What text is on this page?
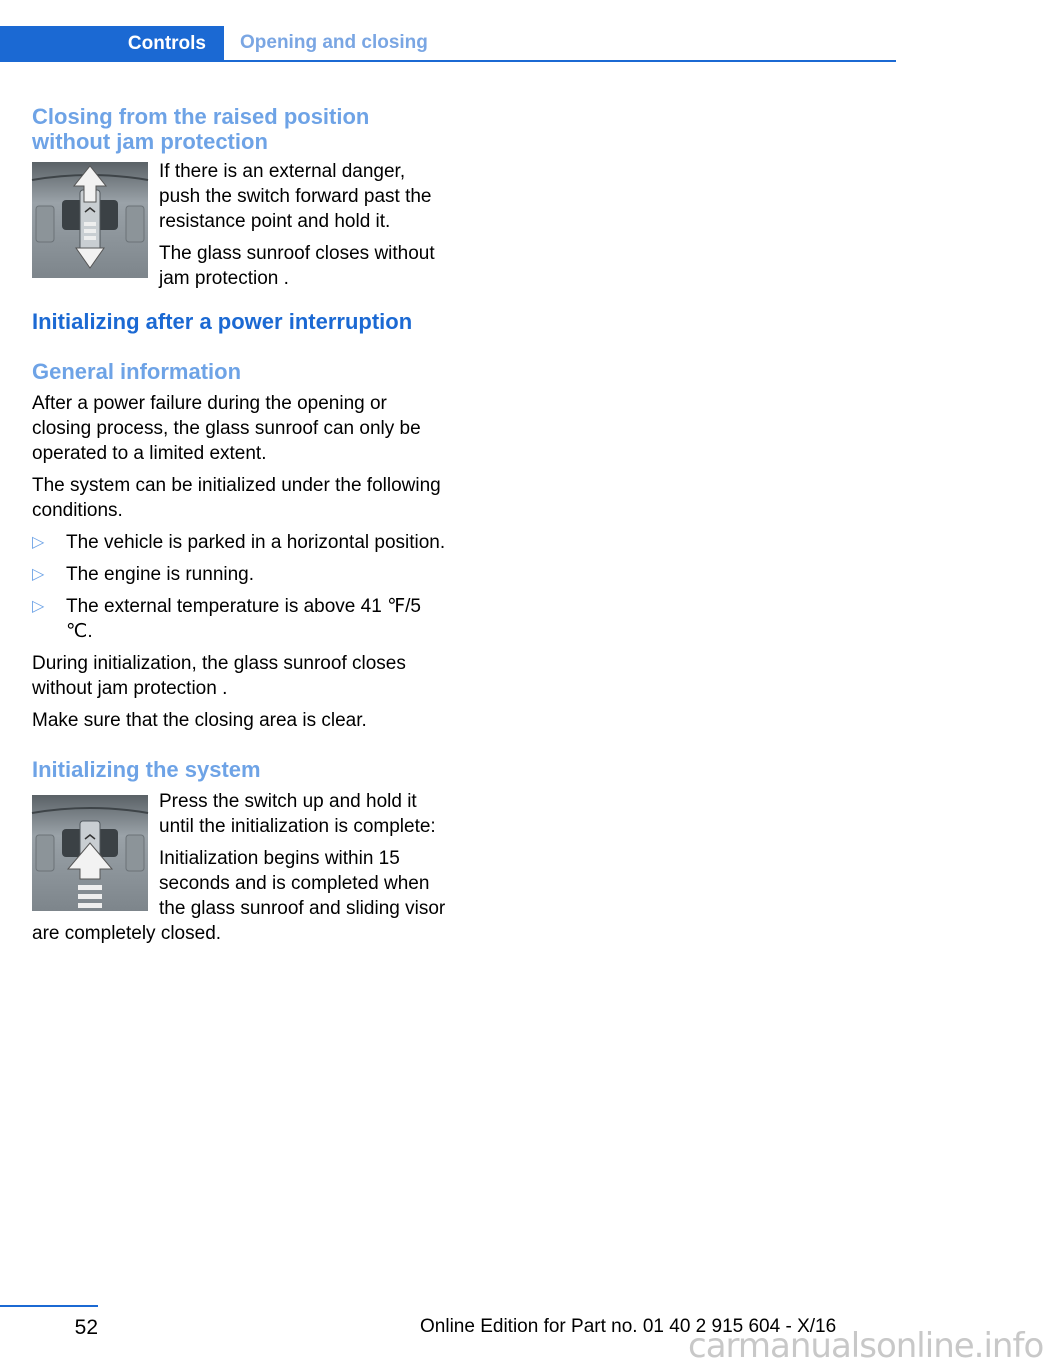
Controls	Opening and closing
Closing from the raised position without jam protection

If there is an external danger, push the switch forward past the resistance point and hold it.

The glass sunroof closes without jam protection .

Initializing after a power interruption
General information

After a power failure during the opening or closing process, the glass sunroof can only be operated to a limited extent.

The system can be initialized under the following conditions.

▷ The vehicle is parked in a horizontal position.
▷ The engine is running.
▷ The external temperature is above 41 ℉/5 ℃.

During initialization, the glass sunroof closes without jam protection .

Make sure that the closing area is clear.

Initializing the system

Press the switch up and hold it until the initialization is complete:

Initialization begins within 15 seconds and is completed when the glass sunroof and sliding visor are completely closed.

52	Online Edition for Part no. 01 40 2 915 604 - X/16
carmanualsonline.info
